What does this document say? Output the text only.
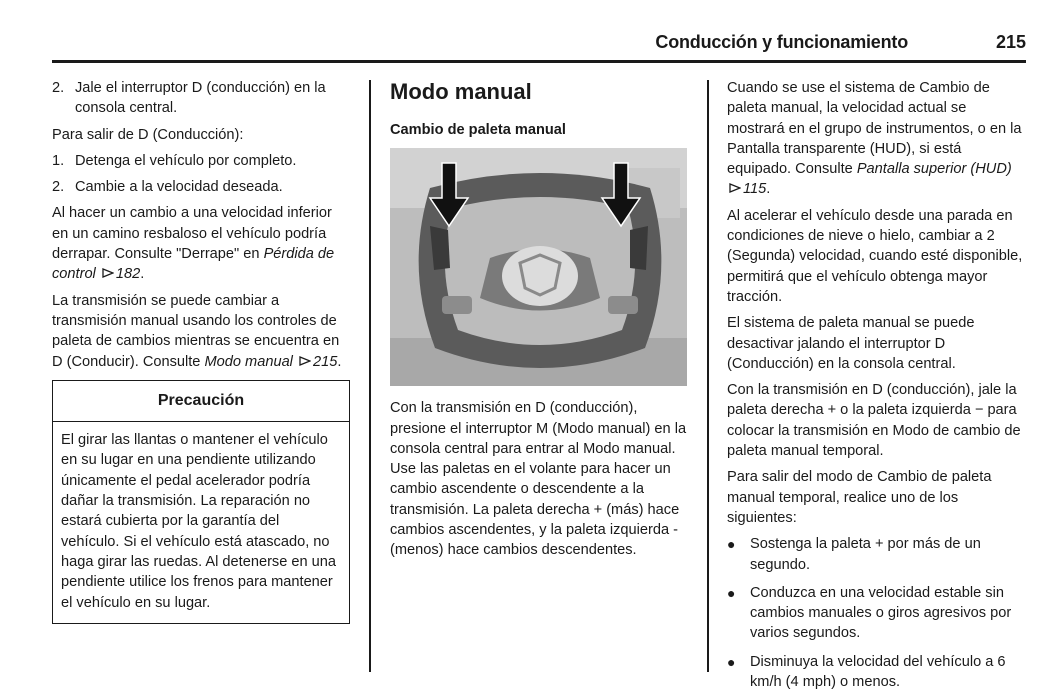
Conducción y funcionamiento	215
2. Jale el interruptor D (conducción) en la consola central.

Para salir de D (Conducción):

1. Detenga el vehículo por completo.
2. Cambie a la velocidad deseada.

Al hacer un cambio a una velocidad inferior en un camino resbaloso el vehículo podría derrapar. Consulte "Derrape" en Pérdida de control 182.

La transmisión se puede cambiar a transmisión manual usando los controles de paleta de cambios mientras se encuentra en D (Conducir). Consulte Modo manual 215.

Precaución
El girar las llantas o mantener el vehículo en su lugar en una pendiente utilizando únicamente el pedal acelerador podría dañar la transmisión. La reparación no estará cubierta por la garantía del vehículo. Si el vehículo está atascado, no haga girar las ruedas. Al detenerse en una pendiente utilice los frenos para mantener el vehículo en su lugar.
Modo manual
Cambio de paleta manual

Con la transmisión en D (conducción), presione el interruptor M (Modo manual) en la consola central para entrar al Modo manual. Use las paletas en el volante para hacer un cambio ascendente o descendente a la transmisión. La paleta derecha + (más) hace cambios ascendentes, y la paleta izquierda - (menos) hace cambios descendentes.

Cuando se use el sistema de Cambio de paleta manual, la velocidad actual se mostrará en el grupo de instrumentos, o en la Pantalla transparente (HUD), si está equipado. Consulte Pantalla superior (HUD) 115.

Al acelerar el vehículo desde una parada en condiciones de nieve o hielo, cambiar a 2 (Segunda) velocidad, cuando esté disponible, permitirá que el vehículo obtenga mayor tracción.

El sistema de paleta manual se puede desactivar jalando el interruptor D (Conducción) en la consola central.

Con la transmisión en D (conducción), jale la paleta derecha + o la paleta izquierda − para colocar la transmisión en Modo de cambio de paleta manual temporal.

Para salir del modo de Cambio de paleta manual temporal, realice uno de los siguientes:

● Sostenga la paleta + por más de un segundo.
● Conduzca en una velocidad estable sin cambios manuales o giros agresivos por varios segundos.
● Disminuya la velocidad del vehículo a 6 km/h (4 mph) o menos.
